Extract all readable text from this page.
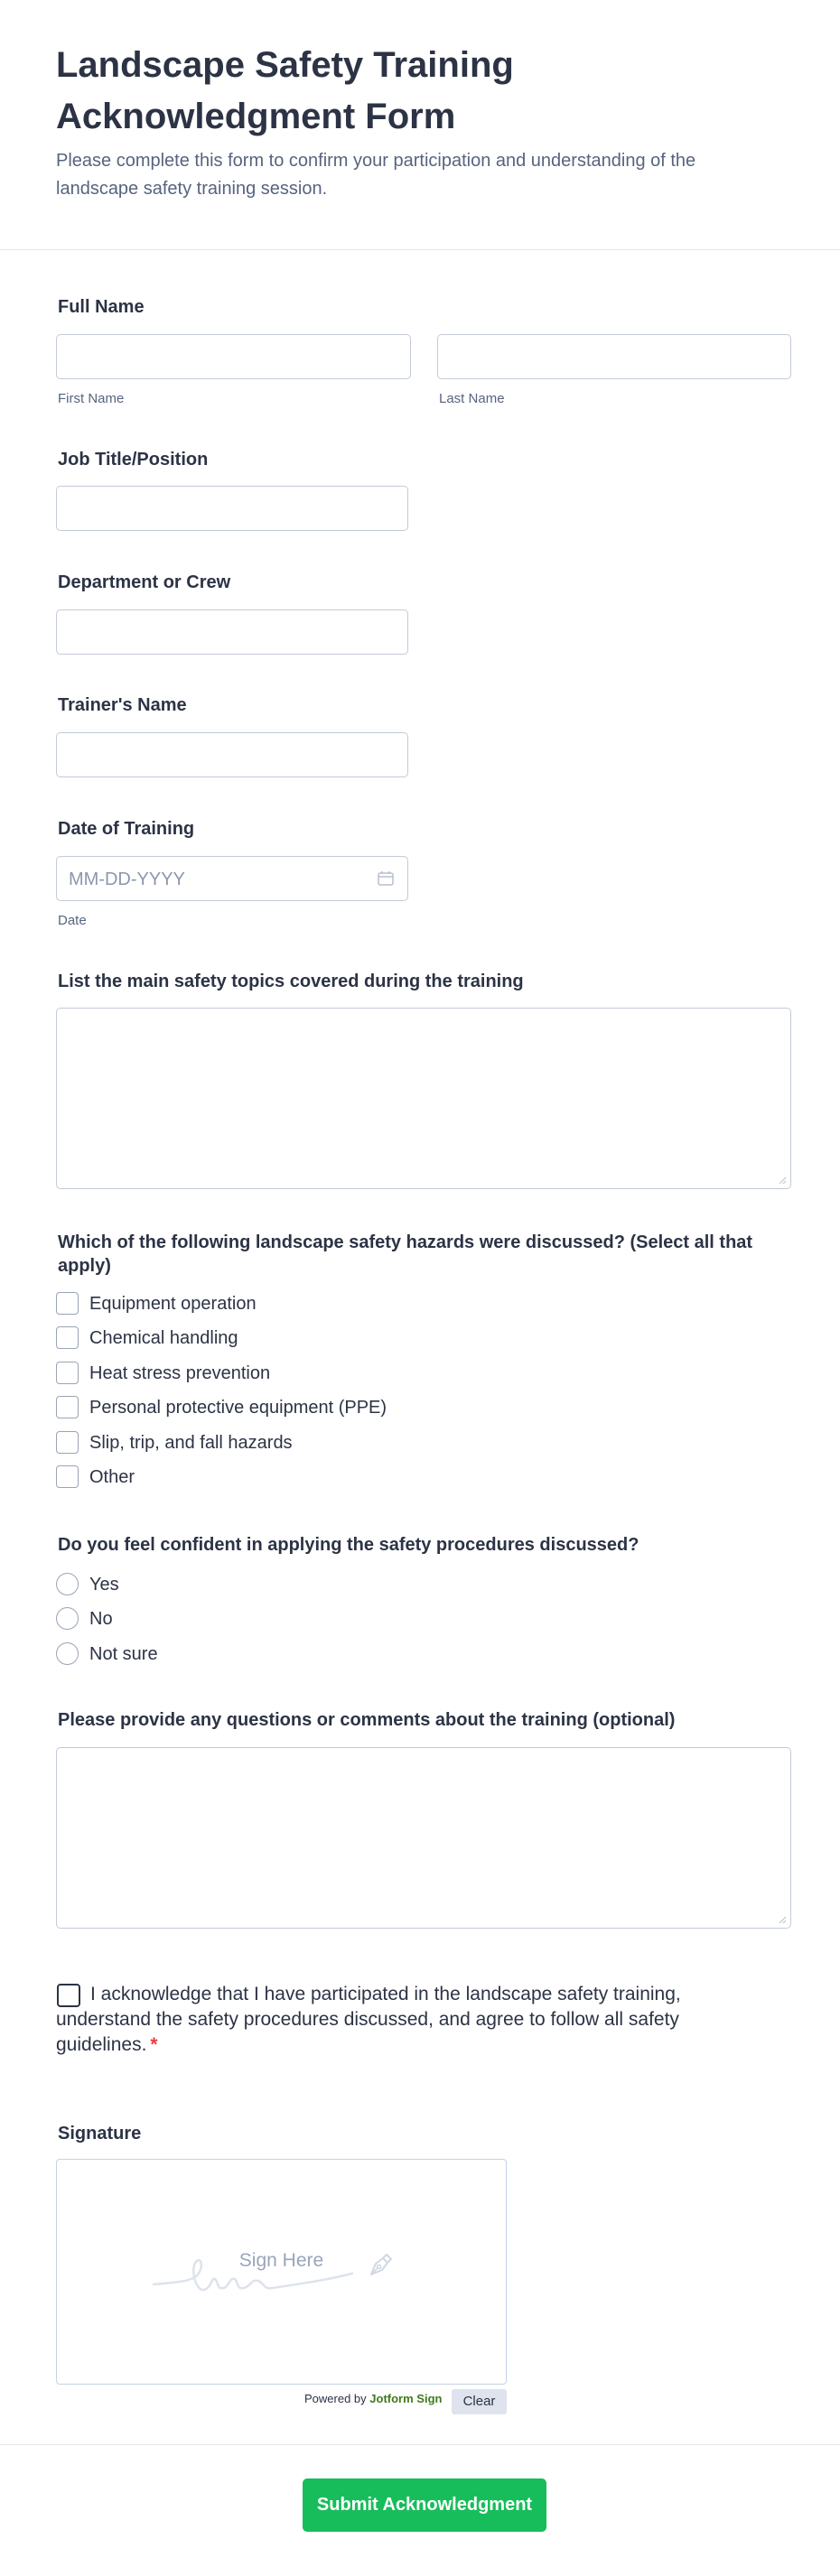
Landscape Safety Training Acknowledgment Form
Please complete this form to confirm your participation and understanding of the landscape safety training session.
Full Name
First Name	Last Name
Job Title/Position
Department or Crew
Trainer's Name
Date of Training
MM-DD-YYYY
Date
List the main safety topics covered during the training
Which of the following landscape safety hazards were discussed? (Select all that apply)
Equipment operation
Chemical handling
Heat stress prevention
Personal protective equipment (PPE)
Slip, trip, and fall hazards
Other
Do you feel confident in applying the safety procedures discussed?
Yes
No
Not sure
Please provide any questions or comments about the training (optional)
I acknowledge that I have participated in the landscape safety training, understand the safety procedures discussed, and agree to follow all safety guidelines. *
Signature
Sign Here
Powered by Jotform Sign	Clear
Submit Acknowledgment
